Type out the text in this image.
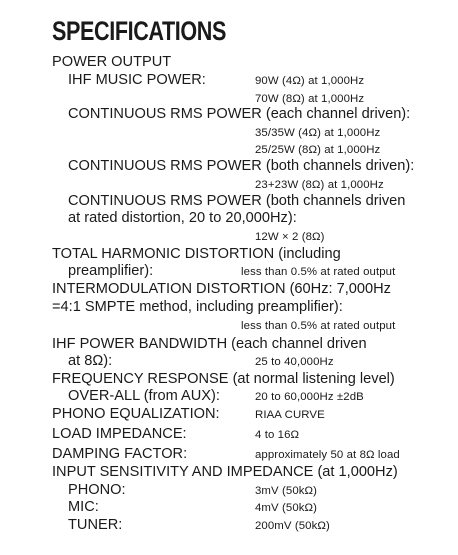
SPECIFICATIONS
POWER OUTPUT
IHF MUSIC POWER:	90W (4Ω) at 1,000Hz
70W (8Ω) at 1,000Hz
CONTINUOUS RMS POWER (each channel driven):
35/35W (4Ω) at 1,000Hz
25/25W (8Ω) at 1,000Hz
CONTINUOUS RMS POWER (both channels driven):
23+23W (8Ω) at 1,000Hz
CONTINUOUS RMS POWER (both channels driven
at rated distortion, 20 to 20,000Hz):
12W × 2 (8Ω)
TOTAL HARMONIC DISTORTION (including
preamplifier):	less than 0.5% at rated output
INTERMODULATION DISTORTION (60Hz: 7,000Hz
=4:1 SMPTE method, including preamplifier):
less than 0.5% at rated output
IHF POWER BANDWIDTH (each channel driven
at 8Ω):	25 to 40,000Hz
FREQUENCY RESPONSE (at normal listening level)
OVER-ALL (from AUX):	20 to 60,000Hz ±2dB
PHONO EQUALIZATION:	RIAA CURVE
LOAD IMPEDANCE:	4 to 16Ω
DAMPING FACTOR:	approximately 50 at 8Ω load
INPUT SENSITIVITY AND IMPEDANCE (at 1,000Hz)
PHONO:	3mV (50kΩ)
MIC:	4mV (50kΩ)
TUNER:	200mV (50kΩ)
